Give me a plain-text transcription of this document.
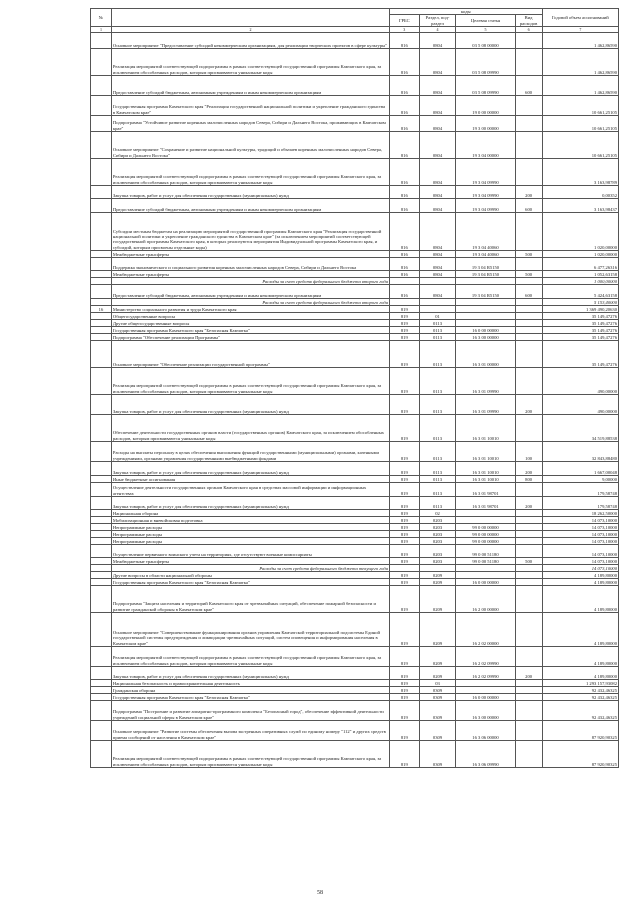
№		коды				Годовой объем ассигнований
		ГРБС	Раздел, под-раздел	Целевая статья	Вид расходов	
1	2	3	4	5	6	7
	Основное мероприятие "Предоставление субсидий некоммерческим организациям, для реализации творческих проектов в сфере культуры"	816	0804	03 5 08 00000		1 462,86590
	Реализация мероприятий соответствующей подпрограммы в рамках соответствующей государственной программы Камчатского края, за исключением обособленных расходов, которым присваиваются уникальные коды	816	0804	03 5 08 09990		1 462,86590
	Предоставление субсидий бюджетным, автономным учреждениям и иным некоммерческим организациям	816	0804	03 5 08 09990	600	1 462,86590
	Государственная программа Камчатского края "Реализация государственной национальной политики и укрепление гражданского единства в Камчатском крае"	816	0804	19 0 00 00000		10 661,25105
	Подпрограмма "Устойчивое развитие коренных малочисленных народов Севера, Сибири и Дальнего Востока, проживающих в Камчатском крае"	816	0804	19 3 00 00000		10 661,25105
	Основное мероприятие "Сохранение и развитие национальной культуры, традиций и обычаев коренных малочисленных народов Севера, Сибири и Дальнего Востока"	816	0804	19 3 04 00000		10 661,25105
	Реализация мероприятий соответствующей подпрограммы в рамках соответствующей государственной программы Камчатского края, за исключением обособленных расходов, которым присваиваются уникальные коды	816	0804	19 3 04 09990		3 163,98789
	Закупка товаров, работ и услуг для обеспечения государственных (муниципальных) нужд	816	0804	19 3 04 09990	200	0,00352
	Предоставление субсидий бюджетным, автономным учреждениям и иным некоммерческим организациям	816	0804	19 3 04 09990	600	3 163,98437
	Субсидии местным бюджетам на реализацию мероприятий государственной программы Камчатского края "Реализация государственной национальной политики и укрепление гражданского единства в Камчатском крае" (за исключением мероприятий соответствующей государственной программы Камчатского края, в которых реализуются мероприятия Индивидуальной программы Камчатского края, и субсидий, которым присвоены отдельные коды)	816	0804	19 3 04 40060		1 020,00000
	Межбюджетные трансферты	816	0804	19 3 04 40060	500	1 020,00000
	Поддержка экономического и социального развития коренных малочисленных народов Севера, Сибири и Дальнего Востока	816	0804	19 3 04 R5150		6 477,26316
	Межбюджетные трансферты	816	0804	19 3 04 R5150	500	1 052,63158
	Расходы за счет средств федерального бюджета второго года					1 000,00000
	Предоставление субсидий бюджетным, автономным учреждениям и иным некоммерческим организациям	816	0804	19 3 04 R5150	600	5 424,63158
	Расходы за счет средств федерального бюджета второго года					5 153,40000
16	Министерство социального развития и труда Камчатского края	819				1 369 490,20630
	Общегосударственные вопросы	819	01			35 149,47276
	Другие общегосударственные вопросы	819	0113			35 149,47276
	Государственная программа Камчатского края "Безопасная Камчатка"	819	0113	16 0 00 00000		35 149,47276
	Подпрограмма "Обеспечение реализации Программы"	819	0113	16 3 00 00000		35 149,47276
	Основное мероприятие "Обеспечение реализации государственной программы"	819	0113	16 3 01 00000		35 149,47276
	Реализация мероприятий соответствующей подпрограммы в рамках соответствующей государственной программы Камчатского края, за исключением обособленных расходов, которым присваиваются уникальные коды	819	0113	16 3 01 09990		490,00000
	Закупка товаров, работ и услуг для обеспечения государственных (муниципальных) нужд	819	0113	16 3 01 09990	200	490,00000
	Обеспечение деятельности государственных органов власти (государственных органов) Камчатского края, за исключением обособленных расходов, которым присваиваются уникальные коды	819	0113	16 3 01 10010		34 519,88538
	Расходы на выплаты персоналу в целях обеспечения выполнения функций государственными (муниципальными) органами, казенными учреждениями, органами управления государственными внебюджетными фондами	819	0113	16 3 01 10010	100	32 843,88480
	Закупка товаров, работ и услуг для обеспечения государственных (муниципальных) нужд	819	0113	16 3 01 10010	200	1 667,00048
	Иные бюджетные ассигнования	819	0113	16 3 01 10010	800	9,00000
	Осуществление деятельности государственных органов Камчатского края в средствах массовой информации и информационных агентствах	819	0113	16 3 01 98701		179,58748
	Закупка товаров, работ и услуг для обеспечения государственных (муниципальных) нужд	819	0113	16 3 01 98701	200	179,58748
	Национальная оборона	819	02			18 262,50000
	Мобилизационная и вневойсковая подготовка	819	0203			14 073,10000
	Непрограммные расходы	819	0203	99 0 00 00000		14 073,10000
	Непрограммные расходы	819	0203	99 0 00 00000		14 073,10000
	Непрограммные расходы	819	0203	99 0 00 00000		14 073,10000
	Осуществление первичного воинского учета на территориях, где отсутствуют военные комиссариаты	819	0203	99 0 00 51180		14 073,10000
	Межбюджетные трансферты	819	0203	99 0 00 51180	500	14 073,10000
	Расходы за счет средств федерального бюджета текущего года					14 073,10000
	Другие вопросы в области национальной обороны	819	0209			4 189,80000
	Государственная программа Камчатского края "Безопасная Камчатка"	819	0209	16 0 00 00000		4 189,80000
	Подпрограмма "Защита населения и территорий Камчатского края от чрезвычайных ситуаций, обеспечение пожарной безопасности и развитие гражданской обороны в Камчатском крае"	819	0209	16 2 00 00000		4 189,80000
	Основное мероприятие "Совершенствование функционирования органов управления Камчатской территориальной подсистемы Единой государственной системы предупреждения и ликвидации чрезвычайных ситуаций, систем оповещения и информирования населения в Камчатском крае"	819	0209	16 2 02 00000		4 189,80000
	Реализация мероприятий соответствующей подпрограммы в рамках соответствующей государственной программы Камчатского края, за исключением обособленных расходов, которым присваиваются уникальные коды	819	0209	16 2 02 09990		4 189,80000
	Закупка товаров, работ и услуг для обеспечения государственных (муниципальных) нужд	819	0209	16 2 02 09990	200	4 189,80000
	Национальная безопасность и правоохранительная деятельность	819	03			1 293 157,93082
	Гражданская оборона	819	0309			92 432,46325
	Государственная программа Камчатского края "Безопасная Камчатка"	819	0309	16 0 00 00000		92 432,46325
	Подпрограмма "Построение и развитие аппаратно-программного комплекса "Безопасный город", обеспечение эффективной деятельности учреждений социальной сферы в Камчатском крае"	819	0309	16 3 00 00000		92 432,46325
	Основное мероприятие "Развитие системы обеспечения вызова экстренных оперативных служб по единому номеру "112" и других средств приема сообщений от населения в Камчатском крае"	819	0309	16 3 06 00000		87 920,90325
	Реализация мероприятий соответствующей подпрограммы в рамках соответствующей государственной программы Камчатского края, за исключением обособленных расходов, которым присваиваются уникальные коды	819	0309	16 3 06 09990		87 920,90325
58
